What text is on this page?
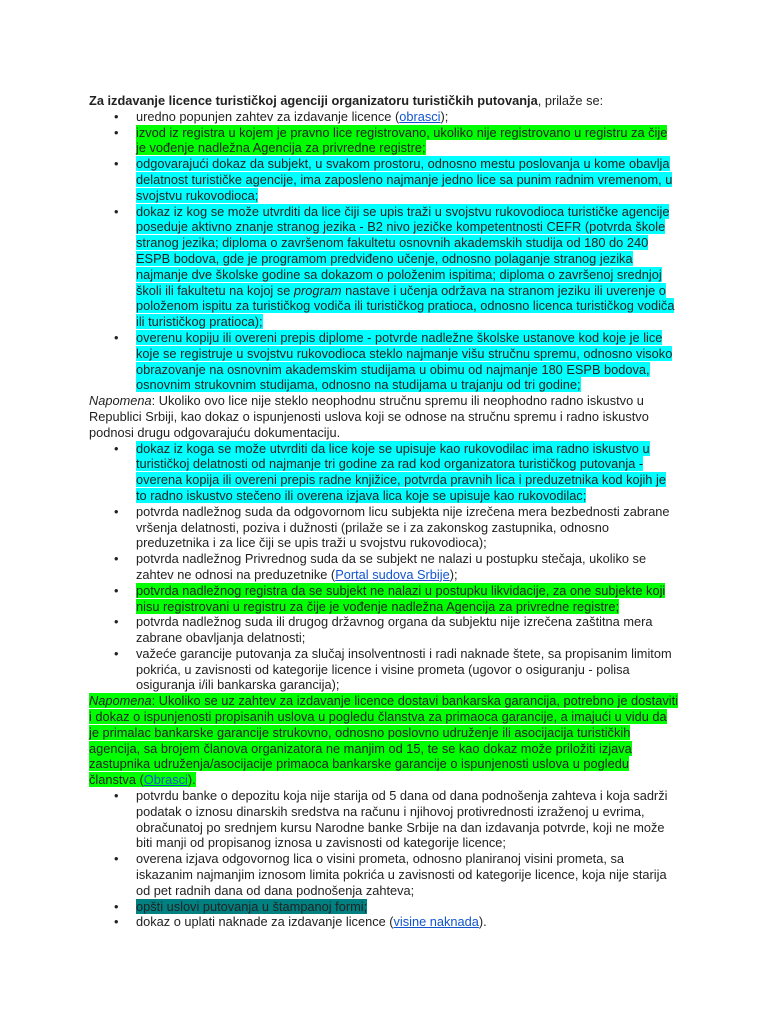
Za izdavanje licence turističkoj agenciji organizatoru turističkih putovanja, prilaže se:

• uredno popunjen zahtev za izdavanje licence (obrasci);
• izvod iz registra u kojem je pravno lice registrovano, ukoliko nije registrovano u registru za čije je vođenje nadležna Agencija za privredne registre;
• odgovarajući dokaz da subjekt, u svakom prostoru, odnosno mestu poslovanja u kome obavlja delatnost turističke agencije, ima zaposleno najmanje jedno lice sa punim radnim vremenom, u svojstvu rukovodioca;
• dokaz iz kog se može utvrditi da lice čiji se upis traži u svojstvu rukovodioca turističke agencije poseduje aktivno znanje stranog jezika - B2 nivo jezičke kompetentnosti CEFR (potvrda škole stranog jezika; diploma o završenom fakultetu osnovnih akademskih studija od 180 do 240 ESPB bodova, gde je programom predviđeno učenje, odnosno polaganje stranog jezika najmanje dve školske godine sa dokazom o položenim ispitima; diploma o završenoj srednjoj školi ili fakultetu na kojoj se program nastave i učenja održava na stranom jeziku ili uverenje o položenom ispitu za turističkog vodiča ili turističkog pratioca, odnosno licenca turističkog vodiča ili turističkog pratioca);
• overenu kopiju ili overeni prepis diplome - potvrde nadležne školske ustanove kod koje je lice koje se registruje u svojstvu rukovodioca steklo najmanje višu stručnu spremu, odnosno visoko obrazovanje na osnovnim akademskim studijama u obimu od najmanje 180 ESPB bodova, osnovnim strukovnim studijama, odnosno na studijama u trajanju od tri godine;

Napomena: Ukoliko ovo lice nije steklo neophodnu stručnu spremu ili neophodno radno iskustvo u Republici Srbiji, kao dokaz o ispunjenosti uslova koji se odnose na stručnu spremu i radno iskustvo podnosi drugu odgovarajuću dokumentaciju.

• dokaz iz koga se može utvrditi da lice koje se upisuje kao rukovodilac ima radno iskustvo u turističkoj delatnosti od najmanje tri godine za rad kod organizatora turističkog putovanja - overena kopija ili overeni prepis radne knjižice, potvrda pravnih lica i preduzetnika kod kojih je to radno iskustvo stečeno ili overena izjava lica koje se upisuje kao rukovodilac;
• potvrda nadležnog suda da odgovornom licu subjekta nije izrečena mera bezbednosti zabrane vršenja delatnosti, poziva i dužnosti (prilaže se i za zakonskog zastupnika, odnosno preduzetnika i za lice čiji se upis traži u svojstvu rukovodioca);
• potvrda nadležnog Privrednog suda da se subjekt ne nalazi u postupku stečaja, ukoliko se zahtev ne odnosi na preduzetnike (Portal sudova Srbije);
• potvrda nadležnog registra da se subjekt ne nalazi u postupku likvidacije, za one subjekte koji nisu registrovani u registru za čije je vođenje nadležna Agencija za privredne registre;
• potvrda nadležnog suda ili drugog državnog organa da subjektu nije izrečena zaštitna mera zabrane obavljanja delatnosti;
• važeće garancije putovanja za slučaj insolventnosti i radi naknade štete, sa propisanim limitom pokrića, u zavisnosti od kategorije licence i visine prometa (ugovor o osiguranju - polisa osiguranja i/ili bankarska garancija);

Napomena: Ukoliko se uz zahtev za izdavanje licence dostavi bankarska garancija, potrebno je dostaviti i dokaz o ispunjenosti propisanih uslova u pogledu članstva za primaoca garancije, a imajući u vidu da je primalac bankarske garancije strukovno, odnosno poslovno udruženje ili asocijacija turističkih agencija, sa brojem članova organizatora ne manjim od 15, te se kao dokaz može priložiti izjava zastupnika udruženja/asocijacije primaoca bankarske garancije o ispunjenosti uslova u pogledu članstva (Obrasci).

• potvrdu banke o depozitu koja nije starija od 5 dana od dana podnošenja zahteva i koja sadrži podatak o iznosu dinarskih sredstva na računu i njihovoj protivrednosti izraženoj u evrima, obračunatoj po srednjem kursu Narodne banke Srbije na dan izdavanja potvrde, koji ne može biti manji od propisanog iznosa u zavisnosti od kategorije licence;
• overena izjava odgovornog lica o visini prometa, odnosno planiranoj visini prometa, sa iskazanim najmanjim iznosom limita pokrića u zavisnosti od kategorije licence, koja nije starija od pet radnih dana od dana podnošenja zahteva;
• opšti uslovi putovanja u štampanoj formi;
• dokaz o uplati naknade za izdavanje licence (visine naknada).
